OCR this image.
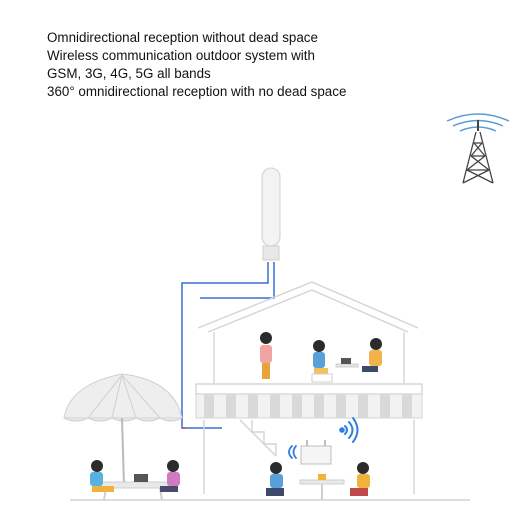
Omnidirectional reception without dead space
Wireless communication outdoor system with
GSM, 3G, 4G, 5G all bands
360° omnidirectional reception with no dead space
